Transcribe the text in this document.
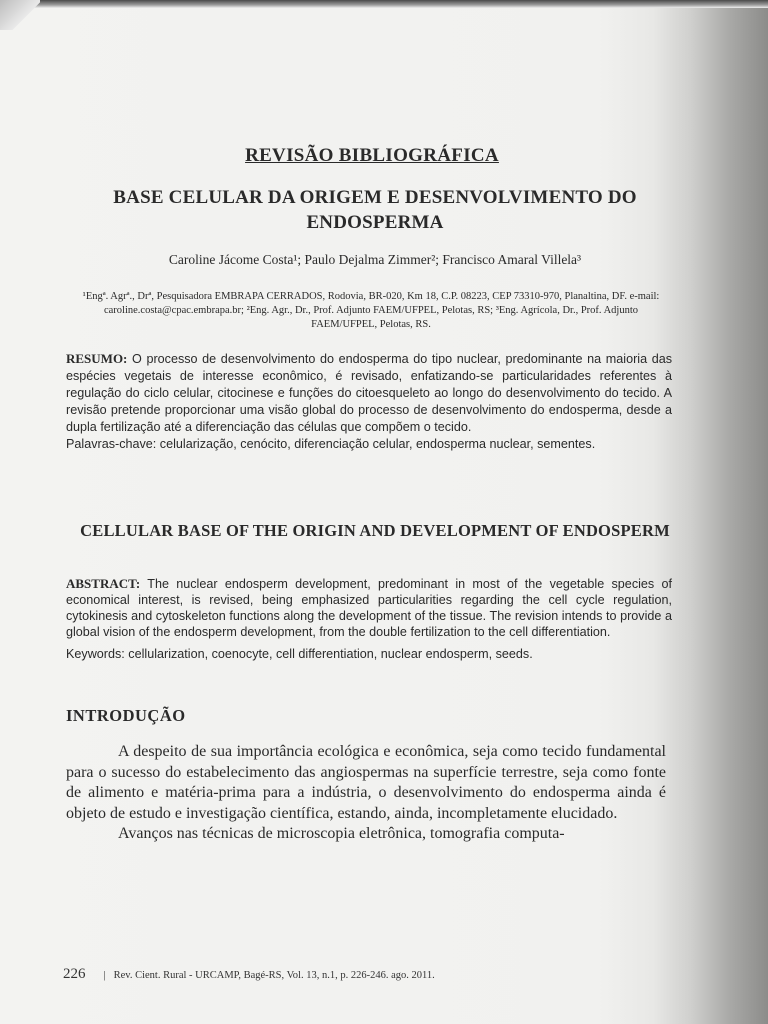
REVISÃO BIBLIOGRÁFICA
BASE CELULAR DA ORIGEM E DESENVOLVIMENTO DO ENDOSPERMA

Caroline Jácome Costa¹; Paulo Dejalma Zimmer²; Francisco Amaral Villela³

¹Engª. Agrª., Drª, Pesquisadora EMBRAPA CERRADOS, Rodovia, BR-020, Km 18, C.P. 08223, CEP 73310-970, Planaltina, DF. e-mail: caroline.costa@cpac.embrapa.br; ²Eng. Agr., Dr., Prof. Adjunto FAEM/UFPEL, Pelotas, RS; ³Eng. Agrícola, Dr., Prof. Adjunto FAEM/UFPEL, Pelotas, RS.

RESUMO: O processo de desenvolvimento do endosperma do tipo nuclear, predominante na maioria das espécies vegetais de interesse econômico, é revisado, enfatizando-se particularidades referentes à regulação do ciclo celular, citocinese e funções do citoesqueleto ao longo do desenvolvimento do tecido. A revisão pretende proporcionar uma visão global do processo de desenvolvimento do endosperma, desde a dupla fertilização até a diferenciação das células que compõem o tecido.

Palavras-chave: celularização, cenócito, diferenciação celular, endosperma nuclear, sementes.

CELLULAR BASE OF THE ORIGIN AND DEVELOPMENT OF ENDOSPERM

ABSTRACT: The nuclear endosperm development, predominant in most of the vegetable species of economical interest, is revised, being emphasized particularities regarding the cell cycle regulation, cytokinesis and cytoskeleton functions along the development of the tissue. The revision intends to provide a global vision of the endosperm development, from the double fertilization to the cell differentiation.

Keywords: cellularization, coenocyte, cell differentiation, nuclear endosperm, seeds.

INTRODUÇÃO

A despeito de sua importância ecológica e econômica, seja como tecido fundamental para o sucesso do estabelecimento das angiospermas na superfície terrestre, seja como fonte de alimento e matéria-prima para a indústria, o desenvolvimento do endosperma ainda é objeto de estudo e investigação científica, estando, ainda, incompletamente elucidado.

Avanços nas técnicas de microscopia eletrônica, tomografia computa-

226 | Rev. Cient. Rural - URCAMP, Bagé-RS, Vol. 13, n.1, p. 226-246. ago. 2011.
